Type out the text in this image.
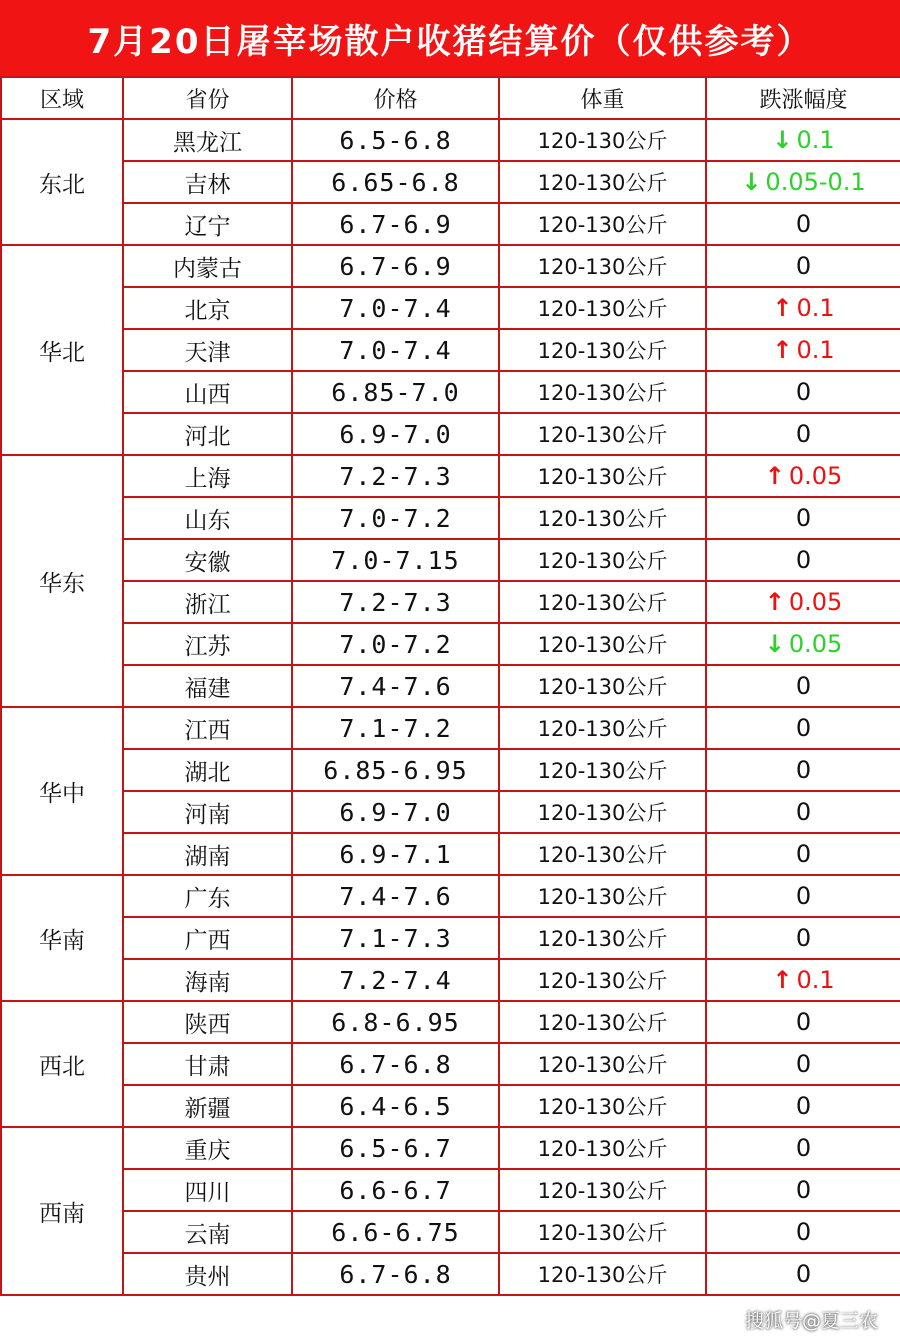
7月20日屠宰场散户收猪结算价（仅供参考）
区域	省份	价格	体重	跌涨幅度
东北	黑龙江	6.5-6.8	120-130公斤	↓ 0.1
	吉林	6.65-6.8	120-130公斤	↓ 0.05-0.1
	辽宁	6.7-6.9	120-130公斤	0
华北	内蒙古	6.7-6.9	120-130公斤	0
	北京	7.0-7.4	120-130公斤	↑ 0.1
	天津	7.0-7.4	120-130公斤	↑ 0.1
	山西	6.85-7.0	120-130公斤	0
	河北	6.9-7.0	120-130公斤	0
华东	上海	7.2-7.3	120-130公斤	↑ 0.05
	山东	7.0-7.2	120-130公斤	0
	安徽	7.0-7.15	120-130公斤	0
	浙江	7.2-7.3	120-130公斤	↑ 0.05
	江苏	7.0-7.2	120-130公斤	↓ 0.05
	福建	7.4-7.6	120-130公斤	0
华中	江西	7.1-7.2	120-130公斤	0
	湖北	6.85-6.95	120-130公斤	0
	河南	6.9-7.0	120-130公斤	0
	湖南	6.9-7.1	120-130公斤	0
华南	广东	7.4-7.6	120-130公斤	0
	广西	7.1-7.3	120-130公斤	0
	海南	7.2-7.4	120-130公斤	↑ 0.1
西北	陕西	6.8-6.95	120-130公斤	0
	甘肃	6.7-6.8	120-130公斤	0
	新疆	6.4-6.5	120-130公斤	0
西南	重庆	6.5-6.7	120-130公斤	0
	四川	6.6-6.7	120-130公斤	0
	云南	6.6-6.75	120-130公斤	0
	贵州	6.7-6.8	120-130公斤	0
搜狐号@夏三农
